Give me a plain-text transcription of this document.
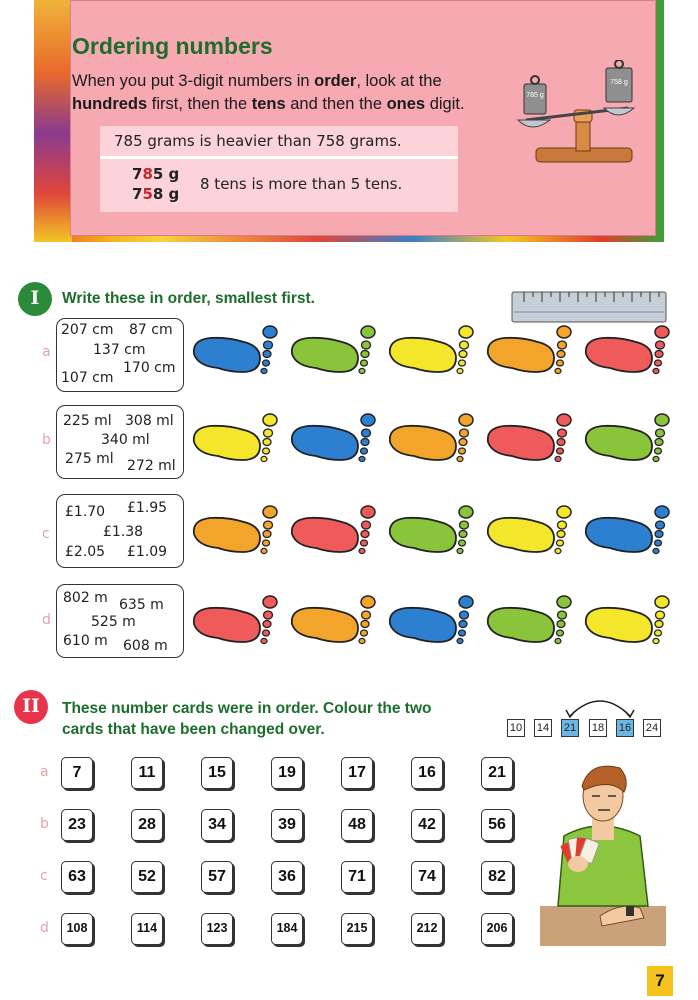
Ordering numbers
When you put 3-digit numbers in order, look at the hundreds first, then the tens and then the ones digit.
785 grams is heavier than 758 grams.
785 g
758 g
8 tens is more than 5 tens.
785 g
758 g
I	Write these in order, smallest first.
a
207 cm 87 cm
137 cm
107 cm
170 cm
b
225 ml 308 ml
340 ml
275 ml 272 ml
c
£1.70 £1.95
£1.38
£2.05 £1.09
d
802 m 635 m
525 m
610 m 608 m
II	These number cards were in order. Colour the two
cards that have been changed over.	10 14 21 18 16 24
a
b
c
d
7	11	15	19	17	16	21
23	28	34	39	48	42	56
63	52	57	36	71	74	82
108	114	123	184	215	212	206
7
